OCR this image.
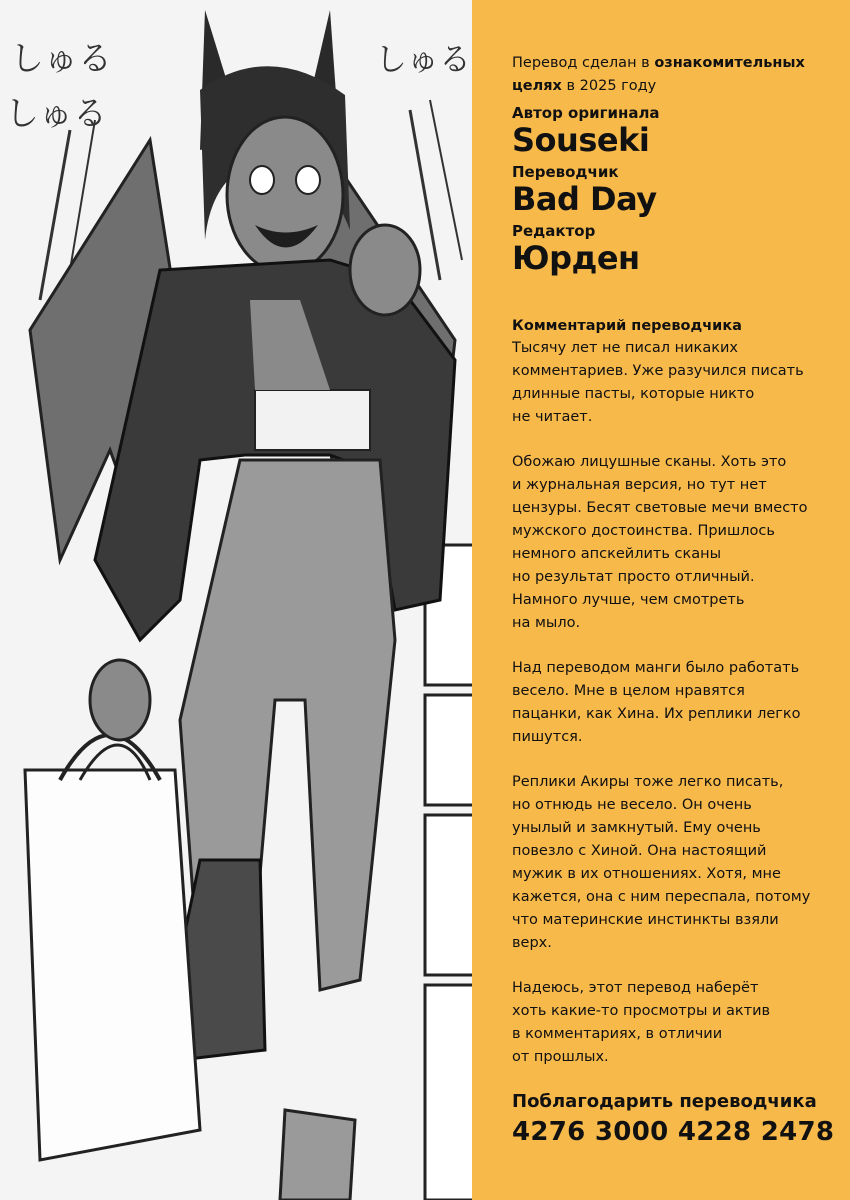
しゅる
しゅる
しゅる	Перевод сделан в ознакомительных целях в 2025 году
Автор оригинала
Souseki
Переводчик
Bad Day
Редактор
Юрден
Комментарий переводчика

Тысячу лет не писал никаких
комментариев. Уже разучился писать
длинные пасты, которые никто
не читает.

Обожаю лицушные сканы. Хоть это
и журнальная версия, но тут нет
цензуры. Бесят световые мечи вместо
мужского достоинства. Пришлось
немного апскейлить сканы
но результат просто отличный.
Намного лучше, чем смотреть
на мыло.

Над переводом манги было работать
весело. Мне в целом нравятся
пацанки, как Хина. Их реплики легко
пишутся.

Реплики Акиры тоже легко писать,
но отнюдь не весело. Он очень
унылый и замкнутый. Ему очень
повезло с Хиной. Она настоящий
мужик в их отношениях. Хотя, мне
кажется, она с ним переспала, потому
что материнские инстинкты взяли
верх.

Надеюсь, этот перевод наберёт
хоть какие-то просмотры и актив
в комментариях, в отличии
от прошлых.

Поблагодарить переводчика
4276 3000 4228 2478
